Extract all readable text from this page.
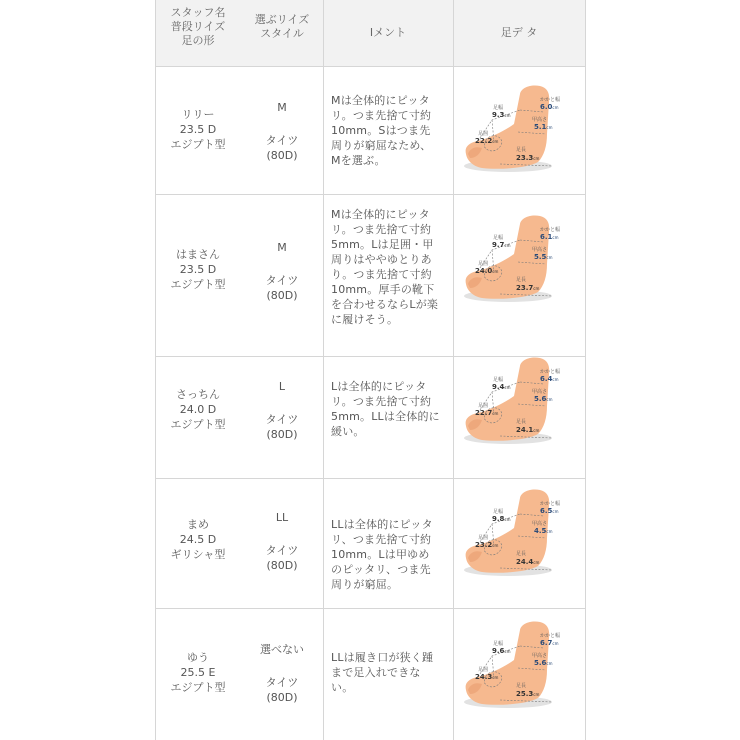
スタッフ名
普段リイズ
足の形
選ぶリイズ
スタイル	Iメント	足デ タ
リリー
23.5 D
エジプト型
M
タイツ
(80D)
Mは全体的にピッタ
リ。つま先捨て寸約
10mm。Sはつま先
周りが窮屈なため、
Mを選ぶ。
かかと幅
6.0cm
足幅
9.3cm
甲高さ
5.1cm
足囲
22.2cm
足長
23.3cm
はまさん
23.5 D
エジプト型
M
タイツ
(80D)
Mは全体的にピッタ
リ。つま先捨て寸約
5mm。Lは足囲・甲
周りはややゆとりあ
り。つま先捨て寸約
10mm。厚手の靴下
を合わせるならLが楽
に履けそう。
かかと幅
6.1cm
足幅
9.7cm
甲高さ
5.5cm
足囲
24.0cm
足長
23.7cm
さっちん
24.0 D
エジプト型
L
タイツ
(80D)
Lは全体的にピッタ
リ。つま先捨て寸約
5mm。LLは全体的に
緩い。
かかと幅
6.4cm
足幅
9.4cm
甲高さ
5.6cm
足囲
22.7cm
足長
24.1cm
まめ
24.5 D
ギリシャ型
LL
タイツ
(80D)
LLは全体的にピッタ
リ、つま先捨て寸約
10mm。Lは甲ゆめ
のピッタリ、つま先
周りが窮屈。
かかと幅
6.5cm
足幅
9.8cm
甲高さ
4.5cm
足囲
23.2cm
足長
24.4cm
ゆう
25.5 E
エジプト型
選べない
タイツ
(80D)
LLは履き口が狭く踵
まで足入れできな
い。
かかと幅
6.7cm
足幅
9.6cm
甲高さ
5.6cm
足囲
24.3cm
足長
25.3cm
